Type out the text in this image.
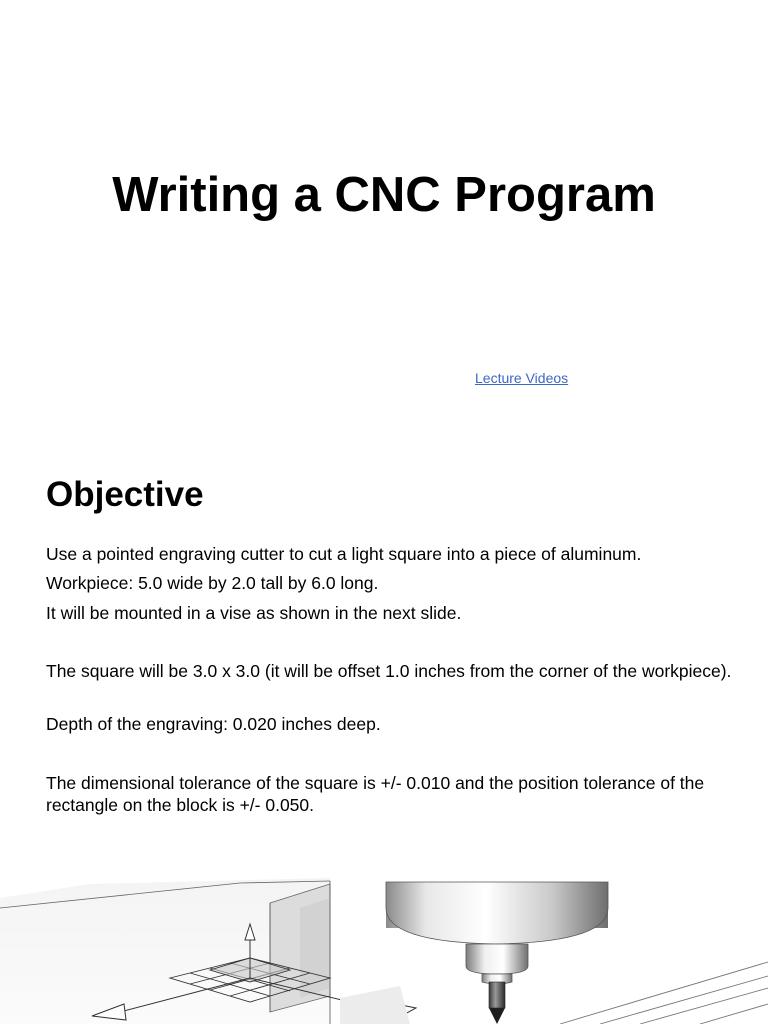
Writing a CNC Program
Lecture Videos
Objective

Use a pointed engraving cutter to cut a light square into a piece of aluminum.

Workpiece: 5.0 wide by 2.0 tall by 6.0 long.

It will be mounted in a vise as shown in the next slide.

The square will be 3.0 x 3.0 (it will be offset 1.0 inches from the corner of the workpiece).

Depth of the engraving: 0.020 inches deep.

The dimensional tolerance of the square is +/- 0.010 and the position tolerance of the rectangle on the block is +/- 0.050.
